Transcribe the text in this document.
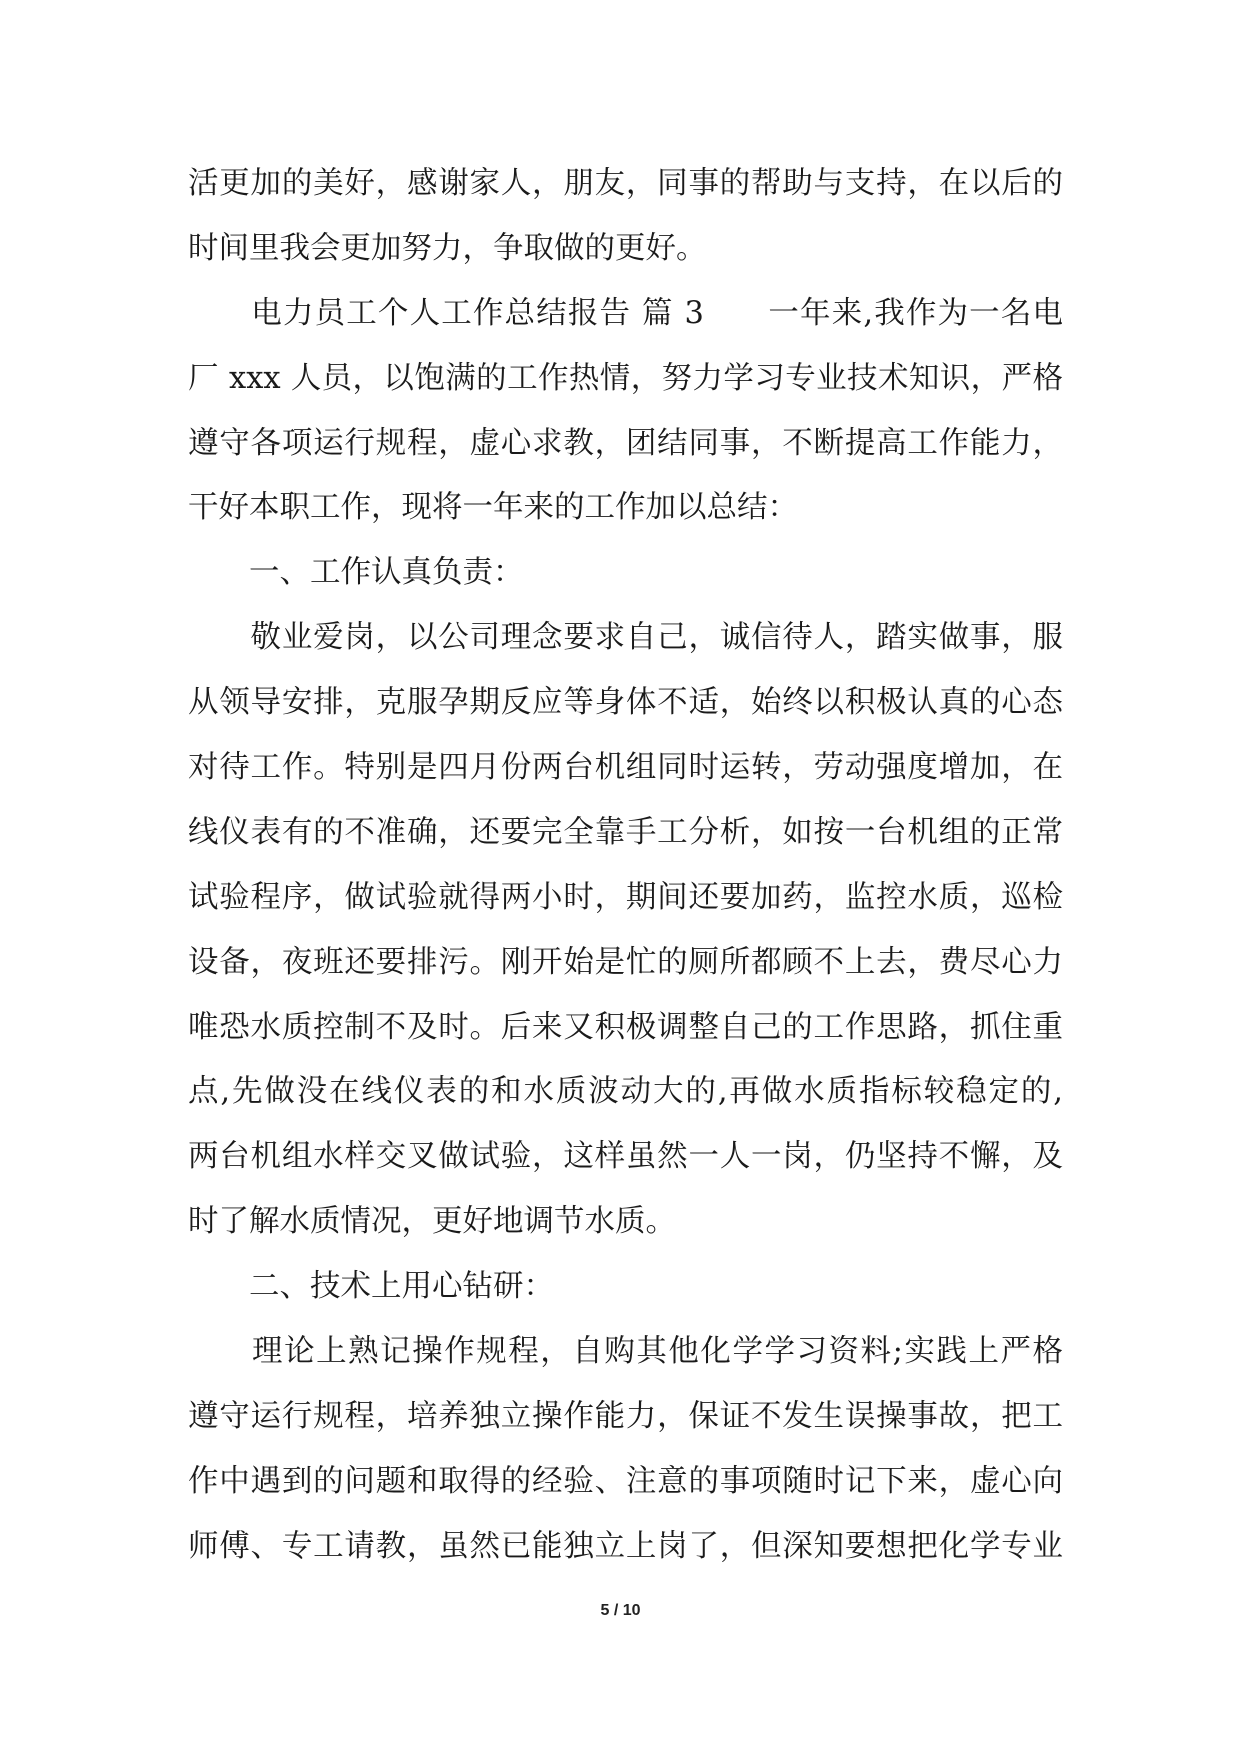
活更加的美好，感谢家人，朋友，同事的帮助与支持，在以后的
时间里我会更加努力，争取做的更好。
　　电力员工个人工作总结报告 篇 3　　一年来,我作为一名电
厂 xxx 人员，以饱满的工作热情，努力学习专业技术知识，严格
遵守各项运行规程，虚心求教，团结同事，不断提高工作能力，
干好本职工作，现将一年来的工作加以总结：
　　一、工作认真负责：
　　敬业爱岗，以公司理念要求自己，诚信待人，踏实做事，服
从领导安排，克服孕期反应等身体不适，始终以积极认真的心态
对待工作。特别是四月份两台机组同时运转，劳动强度增加，在
线仪表有的不准确，还要完全靠手工分析，如按一台机组的正常
试验程序，做试验就得两小时，期间还要加药，监控水质，巡检
设备，夜班还要排污。刚开始是忙的厕所都顾不上去，费尽心力
唯恐水质控制不及时。后来又积极调整自己的工作思路，抓住重
点,先做没在线仪表的和水质波动大的,再做水质指标较稳定的,
两台机组水样交叉做试验，这样虽然一人一岗，仍坚持不懈，及
时了解水质情况，更好地调节水质。
　　二、技术上用心钻研：
　　理论上熟记操作规程，自购其他化学学习资料;实践上严格
遵守运行规程，培养独立操作能力，保证不发生误操事故，把工
作中遇到的问题和取得的经验、注意的事项随时记下来，虚心向
师傅、专工请教，虽然已能独立上岗了，但深知要想把化学专业
5 / 10
